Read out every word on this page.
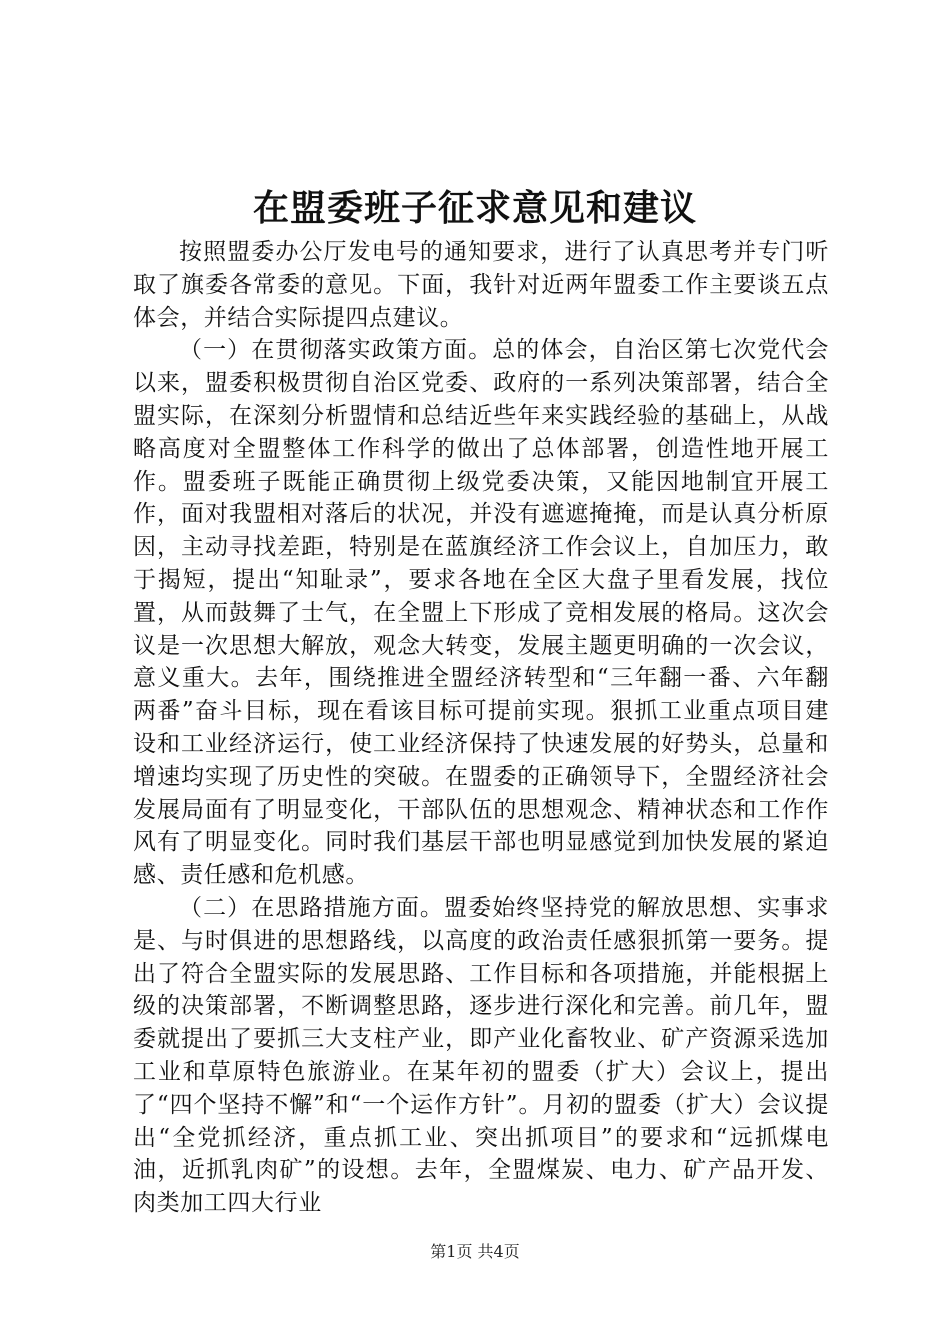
在盟委班子征求意见和建议

按照盟委办公厅发电号的通知要求，进行了认真思考并专门听取了旗委各常委的意见。下面，我针对近两年盟委工作主要谈五点体会，并结合实际提四点建议。

（一）在贯彻落实政策方面。总的体会，自治区第七次党代会以来，盟委积极贯彻自治区党委、政府的一系列决策部署，结合全盟实际，在深刻分析盟情和总结近些年来实践经验的基础上，从战略高度对全盟整体工作科学的做出了总体部署，创造性地开展工作。盟委班子既能正确贯彻上级党委决策，又能因地制宜开展工作，面对我盟相对落后的状况，并没有遮遮掩掩，而是认真分析原因，主动寻找差距，特别是在蓝旗经济工作会议上，自加压力，敢于揭短，提出“知耻录”，要求各地在全区大盘子里看发展，找位置，从而鼓舞了士气，在全盟上下形成了竞相发展的格局。这次会议是一次思想大解放，观念大转变，发展主题更明确的一次会议，意义重大。去年，围绕推进全盟经济转型和“三年翻一番、六年翻两番”奋斗目标，现在看该目标可提前实现。狠抓工业重点项目建设和工业经济运行，使工业经济保持了快速发展的好势头，总量和增速均实现了历史性的突破。在盟委的正确领导下，全盟经济社会发展局面有了明显变化，干部队伍的思想观念、精神状态和工作作风有了明显变化。同时我们基层干部也明显感觉到加快发展的紧迫感、责任感和危机感。

（二）在思路措施方面。盟委始终坚持党的解放思想、实事求是、与时俱进的思想路线，以高度的政治责任感狠抓第一要务。提出了符合全盟实际的发展思路、工作目标和各项措施，并能根据上级的决策部署，不断调整思路，逐步进行深化和完善。前几年，盟委就提出了要抓三大支柱产业，即产业化畜牧业、矿产资源采选加工业和草原特色旅游业。在某年初的盟委（扩大）会议上，提出了“四个坚持不懈”和“一个运作方针”。月初的盟委（扩大）会议提出“全党抓经济，重点抓工业、突出抓项目”的要求和“远抓煤电油，近抓乳肉矿”的设想。去年，全盟煤炭、电力、矿产品开发、肉类加工四大行业

第1页 共4页
